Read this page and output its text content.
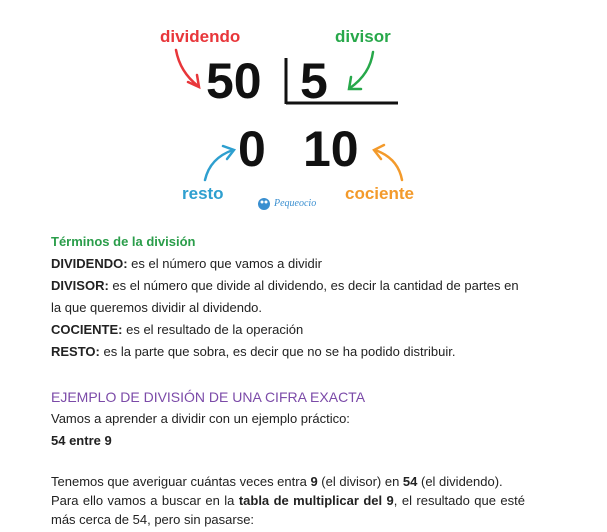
dividendo	divisor
resto	cociente
50 5
0 10
Pequeocio

Términos de la división

DIVIDENDO: es el número que vamos a dividir

DIVISOR: es el número que divide al dividendo, es decir la cantidad de partes en la que queremos dividir al dividendo.

COCIENTE: es el resultado de la operación

RESTO: es la parte que sobra, es decir que no se ha podido distribuir.

EJEMPLO DE DIVISIÓN DE UNA CIFRA EXACTA

Vamos a aprender a dividir con un ejemplo práctico:

54 entre 9

Tenemos que averiguar cuántas veces entra 9 (el divisor) en 54 (el dividendo).

Para ello vamos a buscar en la tabla de multiplicar del 9, el resultado que esté más cerca de 54, pero sin pasarse:
